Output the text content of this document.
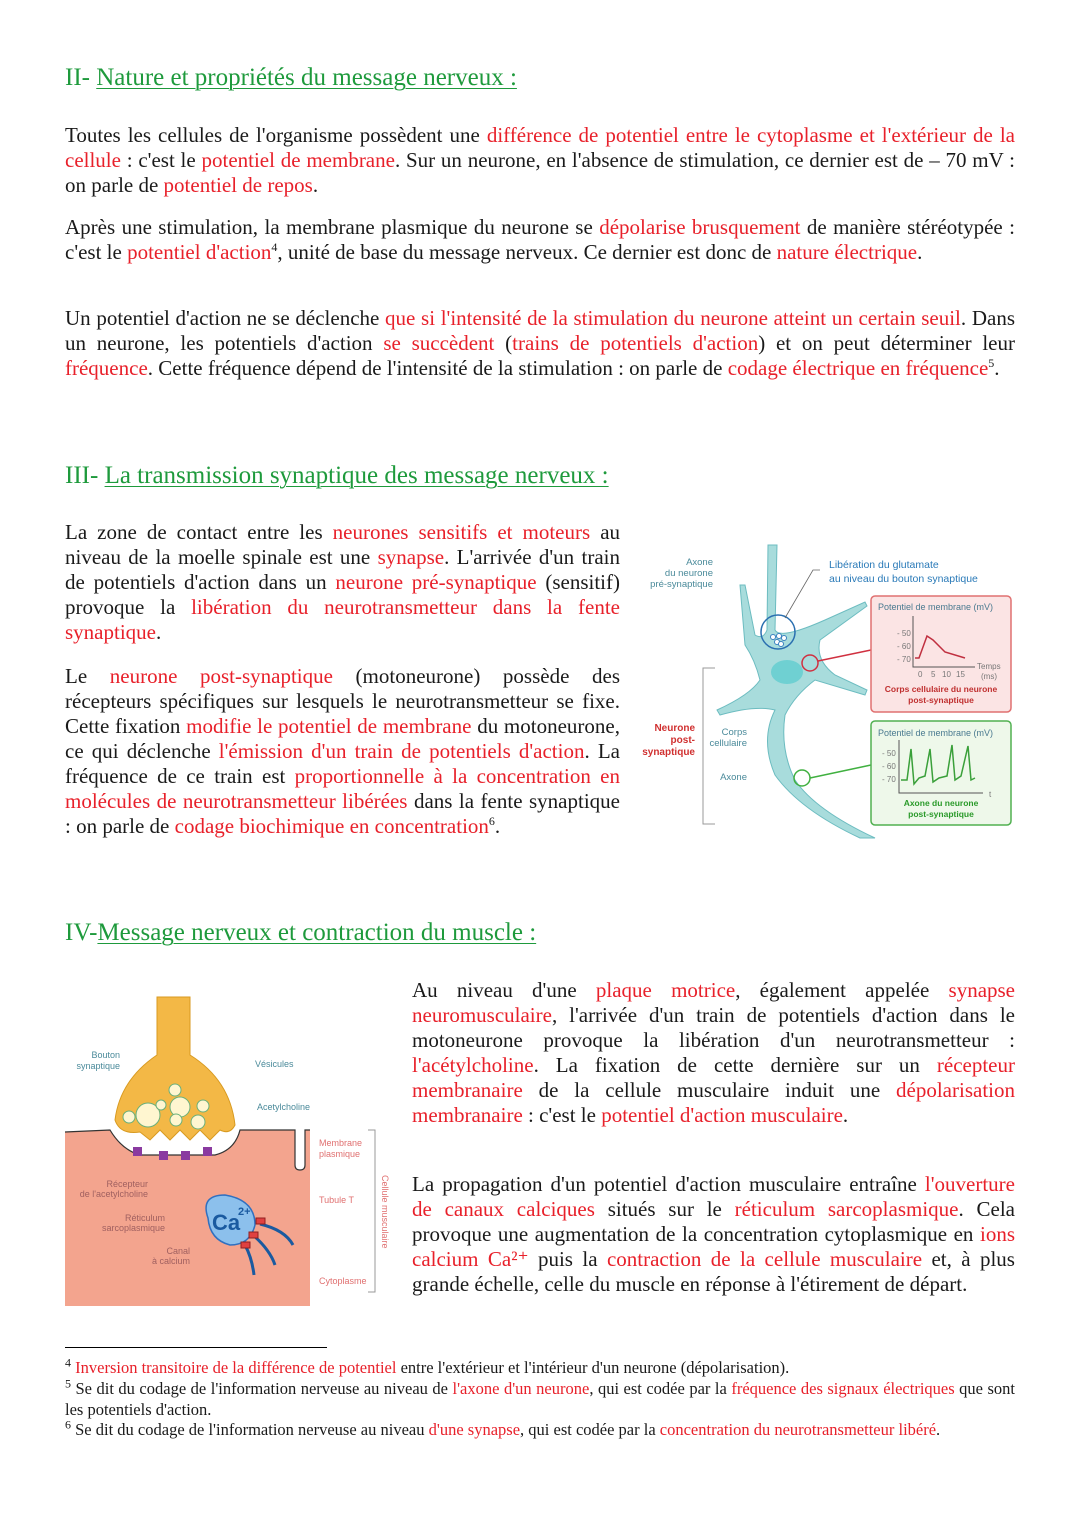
II- Nature et propriétés du message nerveux :
Toutes les cellules de l'organisme possèdent une différence de potentiel entre le cytoplasme et l'extérieur de la cellule : c'est le potentiel de membrane. Sur un neurone, en l'absence de stimulation, ce dernier est de – 70 mV : on parle de potentiel de repos.
Après une stimulation, la membrane plasmique du neurone se dépolarise brusquement de manière stéréotypée : c'est le potentiel d'action$^4$, unité de base du message nerveux. Ce dernier est donc de nature électrique.
Un potentiel d'action ne se déclenche que si l'intensité de la stimulation du neurone atteint un certain seuil. Dans un neurone, les potentiels d'action se succèdent (trains de potentiels d'action) et on peut déterminer leur fréquence. Cette fréquence dépend de l'intensité de la stimulation : on parle de codage électrique en fréquence$^5$.
III- La transmission synaptique des message nerveux :
La zone de contact entre les neurones sensitifs et moteurs au niveau de la moelle spinale est une synapse. L'arrivée d'un train de potentiels d'action dans un neurone pré-synaptique (sensitif) provoque la libération du neurotransmetteur dans la fente synaptique.
Le neurone post-synaptique (motoneurone) possède des récepteurs spécifiques sur lesquels le neurotransmetteur se fixe. Cette fixation modifie le potentiel de membrane du motoneurone, ce qui déclenche l'émission d'un train de potentiels d'action. La fréquence de ce train est proportionnelle à la concentration en molécules de neurotransmetteur libérées dans la fente synaptique : on parle de codage biochimique en concentration$^6$.
Axone
du neurone
pré-synaptique
Corps
cellulaire
Axone
Neurone
post-
synaptique
Libération du glutamate
au niveau du bouton synaptique
Potentiel de membrane (mV)
- 50
- 60
- 70
0 5 10 15
Temps
(ms)
Corps cellulaire du neurone
post-synaptique
Potentiel de membrane (mV)
- 50
- 60
- 70
t
Axone du neurone
post-synaptique
IV-Message nerveux et contraction du muscle :
Ca
2+
Bouton
synaptique	Vésicules
Acetylcholine
Récepteur
de l'acetylcholine
Réticulum
sarcoplasmique
Canal
à calcium
Membrane
plasmique
Tubule T
Cytoplasme
Cellule musculaire
Au niveau d'une plaque motrice, également appelée synapse neuromusculaire, l'arrivée d'un train de potentiels d'action dans le motoneurone provoque la libération d'un neurotransmetteur : l'acétylcholine. La fixation de cette dernière sur un récepteur membranaire de la cellule musculaire induit une dépolarisation membranaire : c'est le potentiel d'action musculaire.
La propagation d'un potentiel d'action musculaire entraîne l'ouverture de canaux calciques situés sur le réticulum sarcoplasmique. Cela provoque une augmentation de la concentration cytoplasmique en ions calcium Ca²⁺ puis la contraction de la cellule musculaire et, à plus grande échelle, celle du muscle en réponse à l'étirement de départ.
$^4$ Inversion transitoire de la différence de potentiel entre l'extérieur et l'intérieur d'un neurone (dépolarisation).
$^5$ Se dit du codage de l'information nerveuse au niveau de l'axone d'un neurone, qui est codée par la fréquence des signaux électriques que sont les potentiels d'action.
$^6$ Se dit du codage de l'information nerveuse au niveau d'une synapse, qui est codée par la concentration du neurotransmetteur libéré.
